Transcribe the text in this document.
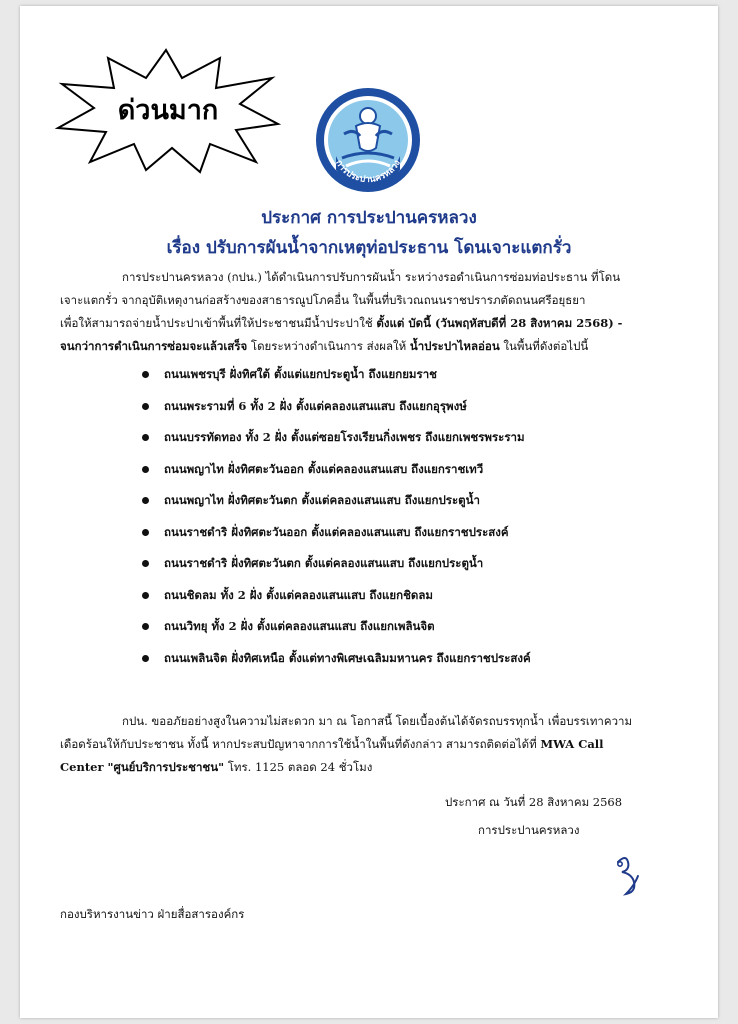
ด่วนมาก
การประปานครหลวง
ประกาศ การประปานครหลวง
เรื่อง ปรับการผันน้ำจากเหตุท่อประธาน โดนเจาะแตกรั่ว
การประปานครหลวง (กปน.) ได้ดำเนินการปรับการผันน้ำ ระหว่างรอดำเนินการซ่อมท่อประธาน ที่โดน
เจาะแตกรั่ว จากอุบัติเหตุงานก่อสร้างของสาธารณูปโภคอื่น ในพื้นที่บริเวณถนนราชปรารภตัดถนนศรีอยุธยา
เพื่อให้สามารถจ่ายน้ำประปาเข้าพื้นที่ให้ประชาชนมีน้ำประปาใช้ ตั้งแต่ บัดนี้ (วันพฤหัสบดีที่ 28 สิงหาคม 2568) -
จนกว่าการดำเนินการซ่อมจะแล้วเสร็จ โดยระหว่างดำเนินการ ส่งผลให้ น้ำประปาไหลอ่อน ในพื้นที่ดังต่อไปนี้
ถนนเพชรบุรี ฝั่งทิศใต้ ตั้งแต่แยกประตูน้ำ ถึงแยกยมราช
ถนนพระรามที่ 6 ทั้ง 2 ฝั่ง ตั้งแต่คลองแสนแสบ ถึงแยกอุรุพงษ์
ถนนบรรทัดทอง ทั้ง 2 ฝั่ง ตั้งแต่ซอยโรงเรียนกิ่งเพชร ถึงแยกเพชรพระราม
ถนนพญาไท ฝั่งทิศตะวันออก ตั้งแต่คลองแสนแสบ ถึงแยกราชเทวี
ถนนพญาไท ฝั่งทิศตะวันตก ตั้งแต่คลองแสนแสบ ถึงแยกประตูน้ำ
ถนนราชดำริ ฝั่งทิศตะวันออก ตั้งแต่คลองแสนแสบ ถึงแยกราชประสงค์
ถนนราชดำริ ฝั่งทิศตะวันตก ตั้งแต่คลองแสนแสบ ถึงแยกประตูน้ำ
ถนนชิดลม ทั้ง 2 ฝั่ง ตั้งแต่คลองแสนแสบ ถึงแยกชิดลม
ถนนวิทยุ ทั้ง 2 ฝั่ง ตั้งแต่คลองแสนแสบ ถึงแยกเพลินจิต
ถนนเพลินจิต ฝั่งทิศเหนือ ตั้งแต่ทางพิเศษเฉลิมมหานคร ถึงแยกราชประสงค์
กปน. ขออภัยอย่างสูงในความไม่สะดวก มา ณ โอกาสนี้ โดยเบื้องต้นได้จัดรถบรรทุกน้ำ เพื่อบรรเทาความ
เดือดร้อนให้กับประชาชน ทั้งนี้ หากประสบปัญหาจากการใช้น้ำในพื้นที่ดังกล่าว สามารถติดต่อได้ที่ MWA Call
Center "ศูนย์บริการประชาชน" โทร. 1125 ตลอด 24 ชั่วโมง
ประกาศ ณ วันที่ 28 สิงหาคม 2568
การประปานครหลวง
กองบริหารงานข่าว ฝ่ายสื่อสารองค์กร
